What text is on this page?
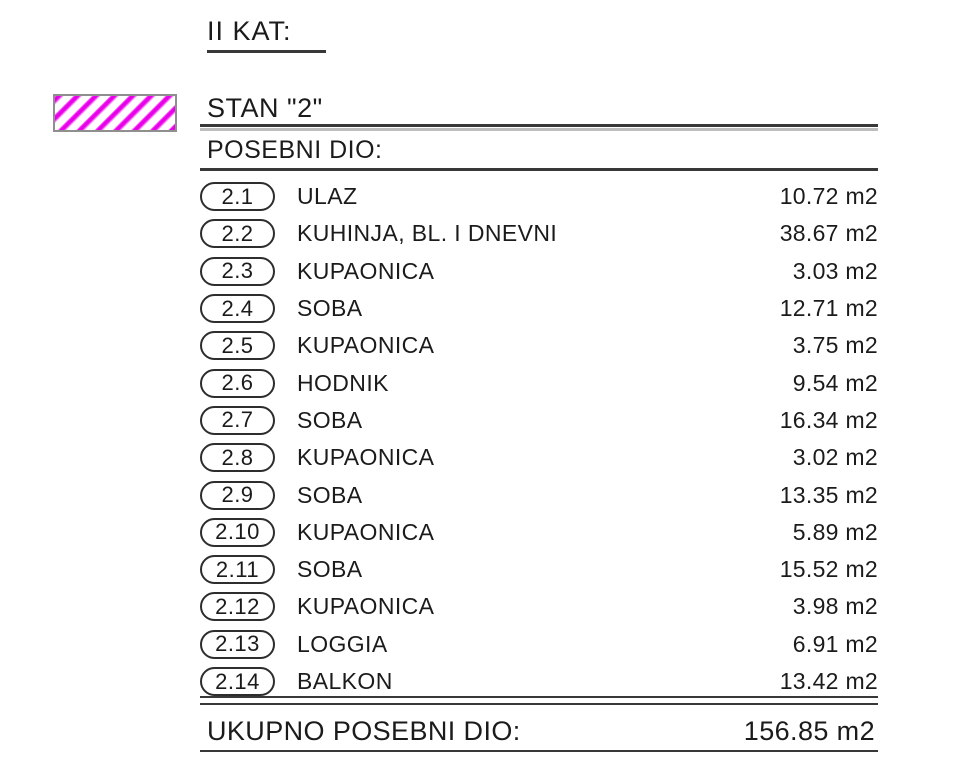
II KAT:
STAN "2"
POSEBNI DIO:
2.1 ULAZ	10.72 m2
2.2 KUHINJA, BL. I DNEVNI	38.67 m2
2.3 KUPAONICA	3.03 m2
2.4 SOBA	12.71 m2
2.5 KUPAONICA	3.75 m2
2.6 HODNIK	9.54 m2
2.7 SOBA	16.34 m2
2.8 KUPAONICA	3.02 m2
2.9 SOBA	13.35 m2
2.10 KUPAONICA	5.89 m2
2.11 SOBA	15.52 m2
2.12 KUPAONICA	3.98 m2
2.13 LOGGIA	6.91 m2
2.14 BALKON	13.42 m2
UKUPNO POSEBNI DIO:	156.85 m2
